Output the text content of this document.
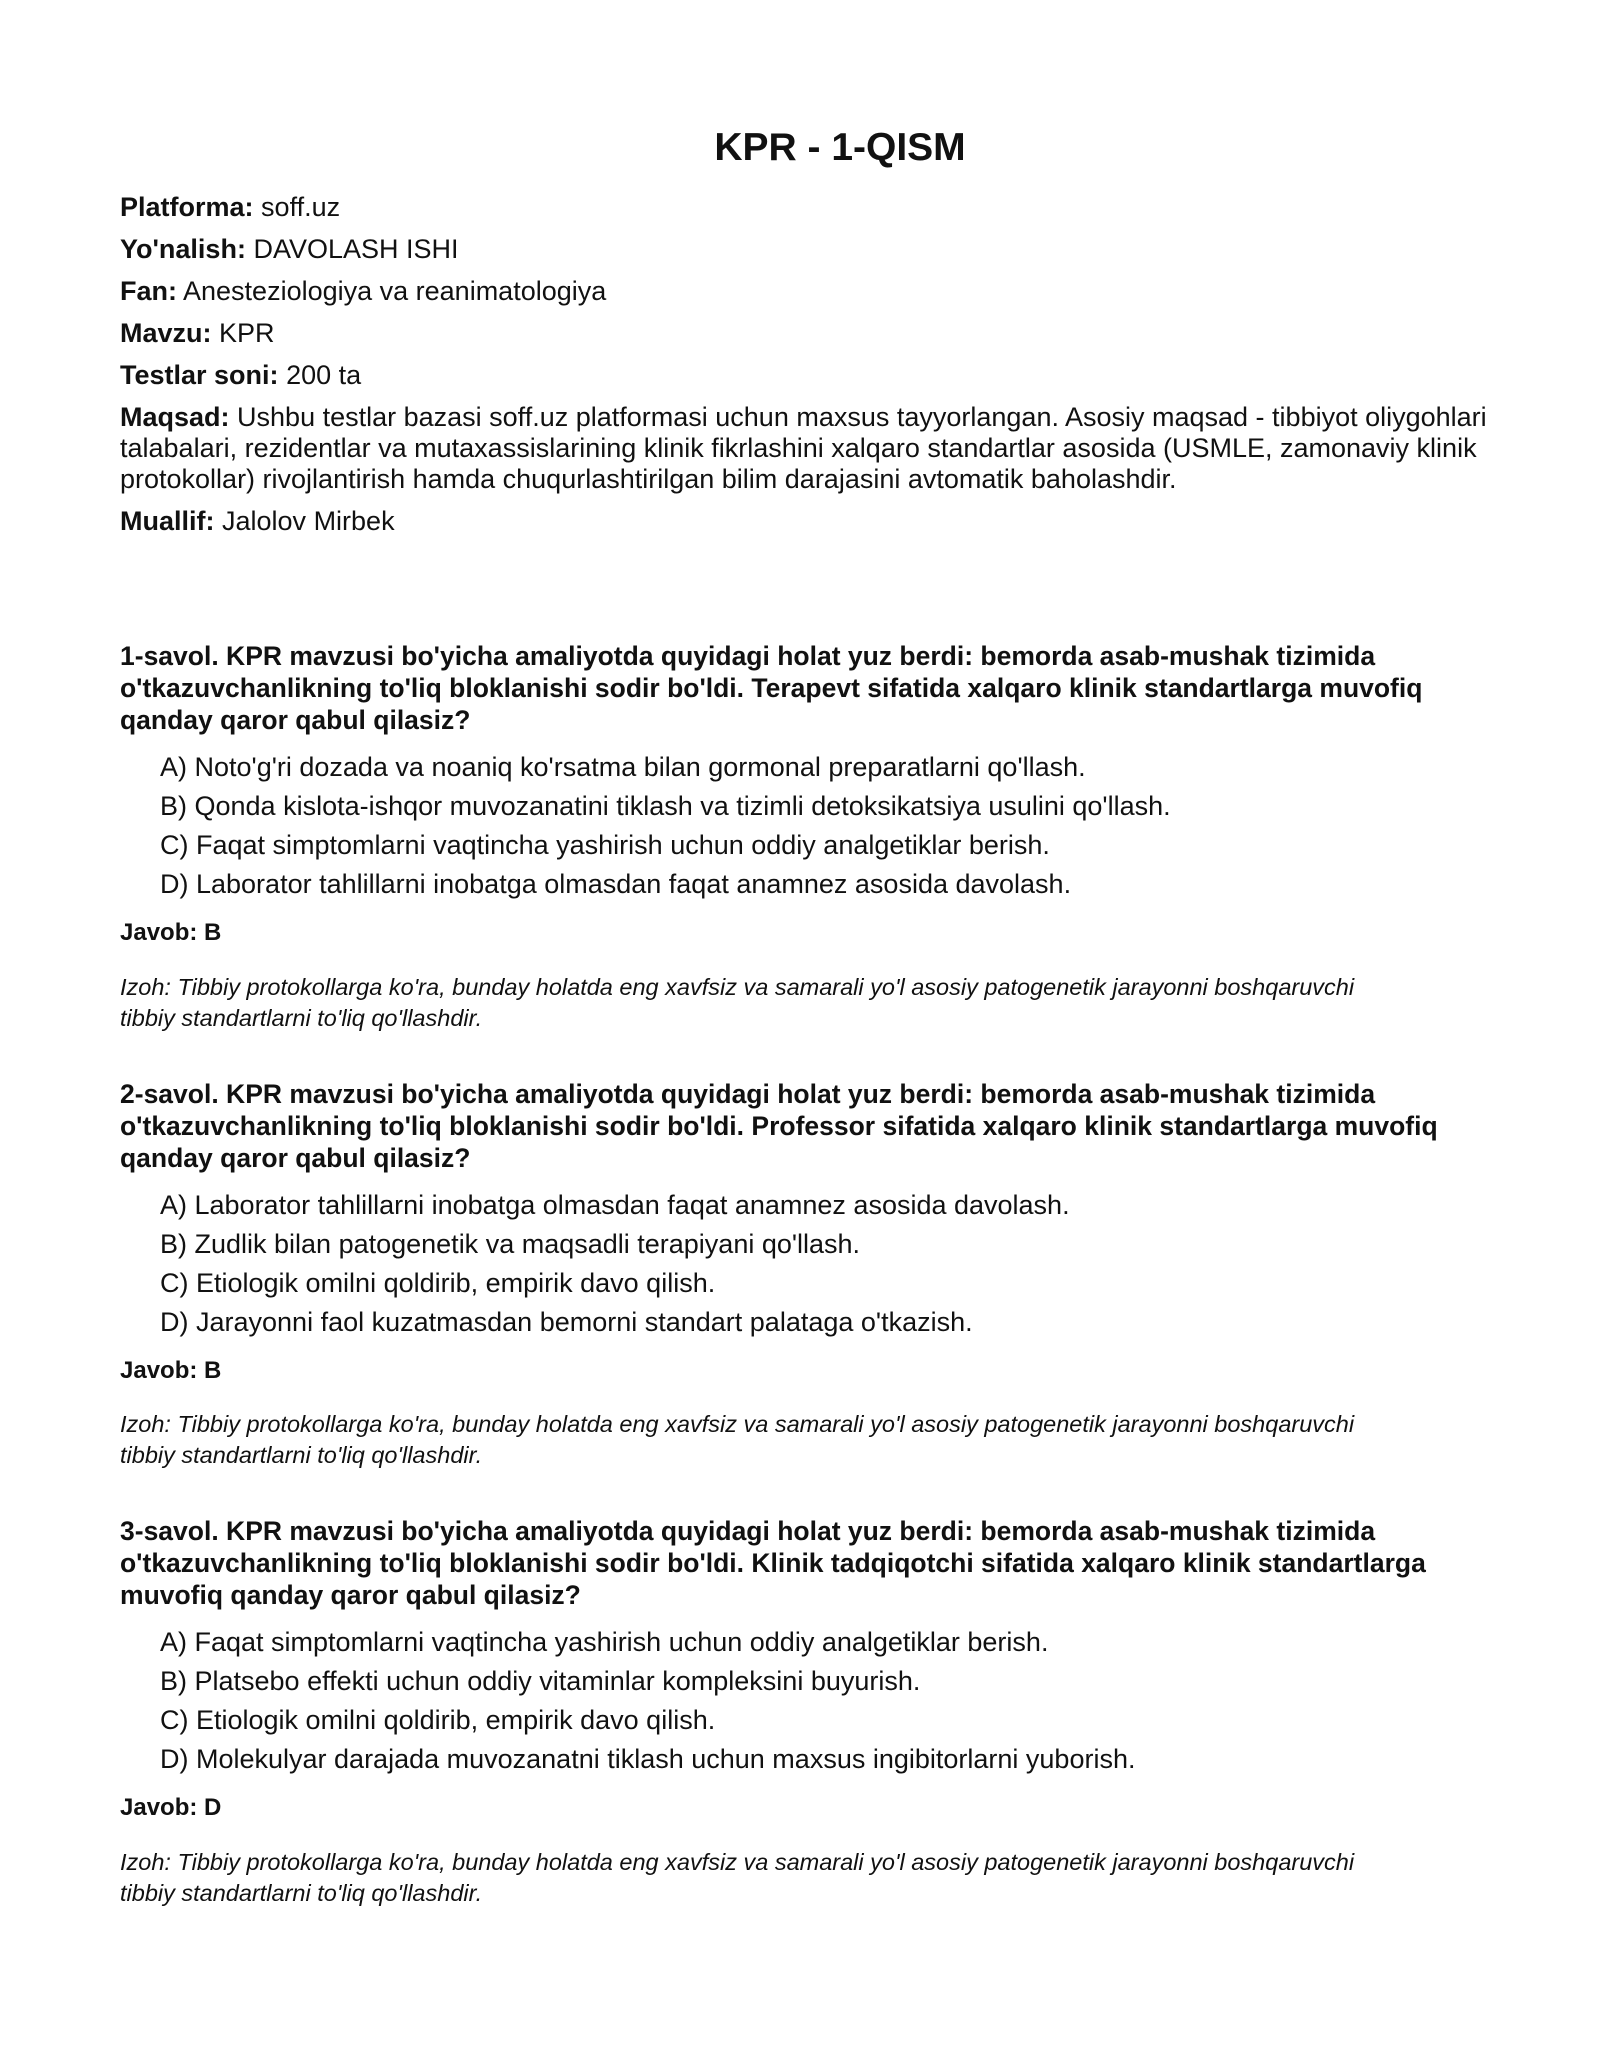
KPR - 1-QISM

Platforma: soff.uz

Yo'nalish: DAVOLASH ISHI

Fan: Anesteziologiya va reanimatologiya

Mavzu: KPR

Testlar soni: 200 ta

Maqsad: Ushbu testlar bazasi soff.uz platformasi uchun maxsus tayyorlangan. Asosiy maqsad - tibbiyot oliygohlari talabalari, rezidentlar va mutaxassislarining klinik fikrlashini xalqaro standartlar asosida (USMLE, zamonaviy klinik protokollar) rivojlantirish hamda chuqurlashtirilgan bilim darajasini avtomatik baholashdir.

Muallif: Jalolov Mirbek

1-savol. KPR mavzusi bo'yicha amaliyotda quyidagi holat yuz berdi: bemorda asab-mushak tizimida o'tkazuvchanlikning to'liq bloklanishi sodir bo'ldi. Terapevt sifatida xalqaro klinik standartlarga muvofiq qanday qaror qabul qilasiz?

A) Noto'g'ri dozada va noaniq ko'rsatma bilan gormonal preparatlarni qo'llash.
B) Qonda kislota-ishqor muvozanatini tiklash va tizimli detoksikatsiya usulini qo'llash.
C) Faqat simptomlarni vaqtincha yashirish uchun oddiy analgetiklar berish.
D) Laborator tahlillarni inobatga olmasdan faqat anamnez asosida davolash.

Javob: B

Izoh: Tibbiy protokollarga ko'ra, bunday holatda eng xavfsiz va samarali yo'l asosiy patogenetik jarayonni boshqaruvchi tibbiy standartlarni to'liq qo'llashdir.

2-savol. KPR mavzusi bo'yicha amaliyotda quyidagi holat yuz berdi: bemorda asab-mushak tizimida o'tkazuvchanlikning to'liq bloklanishi sodir bo'ldi. Professor sifatida xalqaro klinik standartlarga muvofiq qanday qaror qabul qilasiz?

A) Laborator tahlillarni inobatga olmasdan faqat anamnez asosida davolash.
B) Zudlik bilan patogenetik va maqsadli terapiyani qo'llash.
C) Etiologik omilni qoldirib, empirik davo qilish.
D) Jarayonni faol kuzatmasdan bemorni standart palataga o'tkazish.

Javob: B

Izoh: Tibbiy protokollarga ko'ra, bunday holatda eng xavfsiz va samarali yo'l asosiy patogenetik jarayonni boshqaruvchi tibbiy standartlarni to'liq qo'llashdir.

3-savol. KPR mavzusi bo'yicha amaliyotda quyidagi holat yuz berdi: bemorda asab-mushak tizimida o'tkazuvchanlikning to'liq bloklanishi sodir bo'ldi. Klinik tadqiqotchi sifatida xalqaro klinik standartlarga muvofiq qanday qaror qabul qilasiz?

A) Faqat simptomlarni vaqtincha yashirish uchun oddiy analgetiklar berish.
B) Platsebo effekti uchun oddiy vitaminlar kompleksini buyurish.
C) Etiologik omilni qoldirib, empirik davo qilish.
D) Molekulyar darajada muvozanatni tiklash uchun maxsus ingibitorlarni yuborish.

Javob: D

Izoh: Tibbiy protokollarga ko'ra, bunday holatda eng xavfsiz va samarali yo'l asosiy patogenetik jarayonni boshqaruvchi tibbiy standartlarni to'liq qo'llashdir.
